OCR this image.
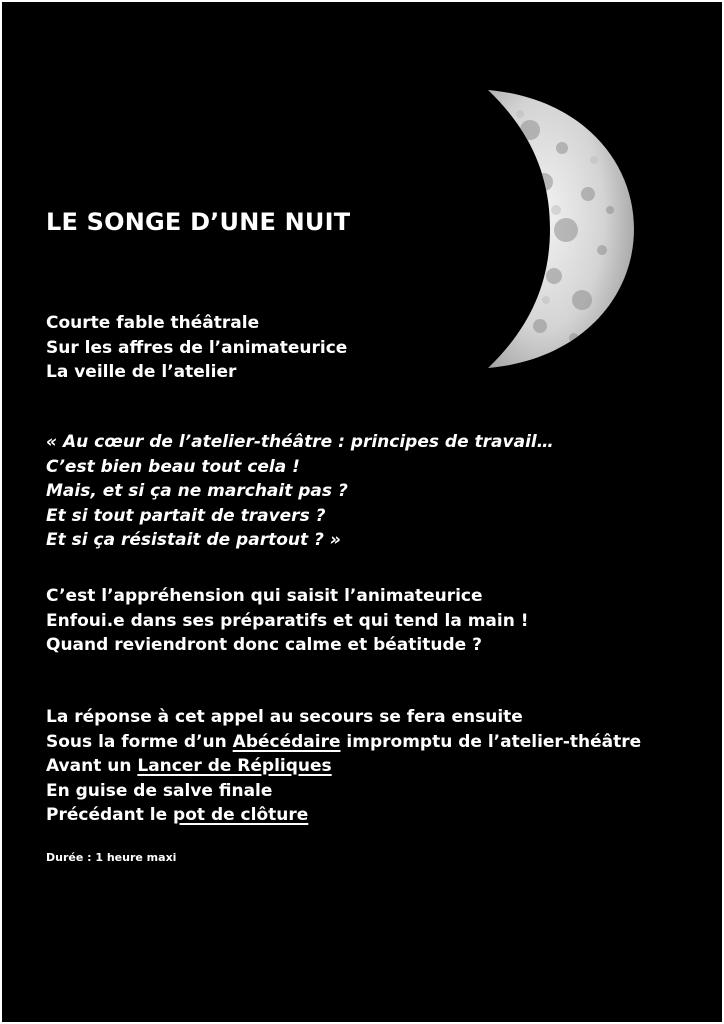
LE SONGE D’UNE NUIT
Courte fable théâtrale
Sur les affres de l’animateurice
La veille de l’atelier
« Au cœur de l’atelier-théâtre : principes de travail…
C’est bien beau tout cela !
Mais, et si ça ne marchait pas ?
Et si tout partait de travers ?
Et si ça résistait de partout ? »
C’est l’appréhension qui saisit l’animateurice
Enfoui.e dans ses préparatifs et qui tend la main !
Quand reviendront donc calme et béatitude ?
La réponse à cet appel au secours se fera ensuite
Sous la forme d’un Abécédaire impromptu de l’atelier-théâtre
Avant un Lancer de Répliques
En guise de salve finale
Précédant le pot de clôture
Durée : 1 heure maxi
